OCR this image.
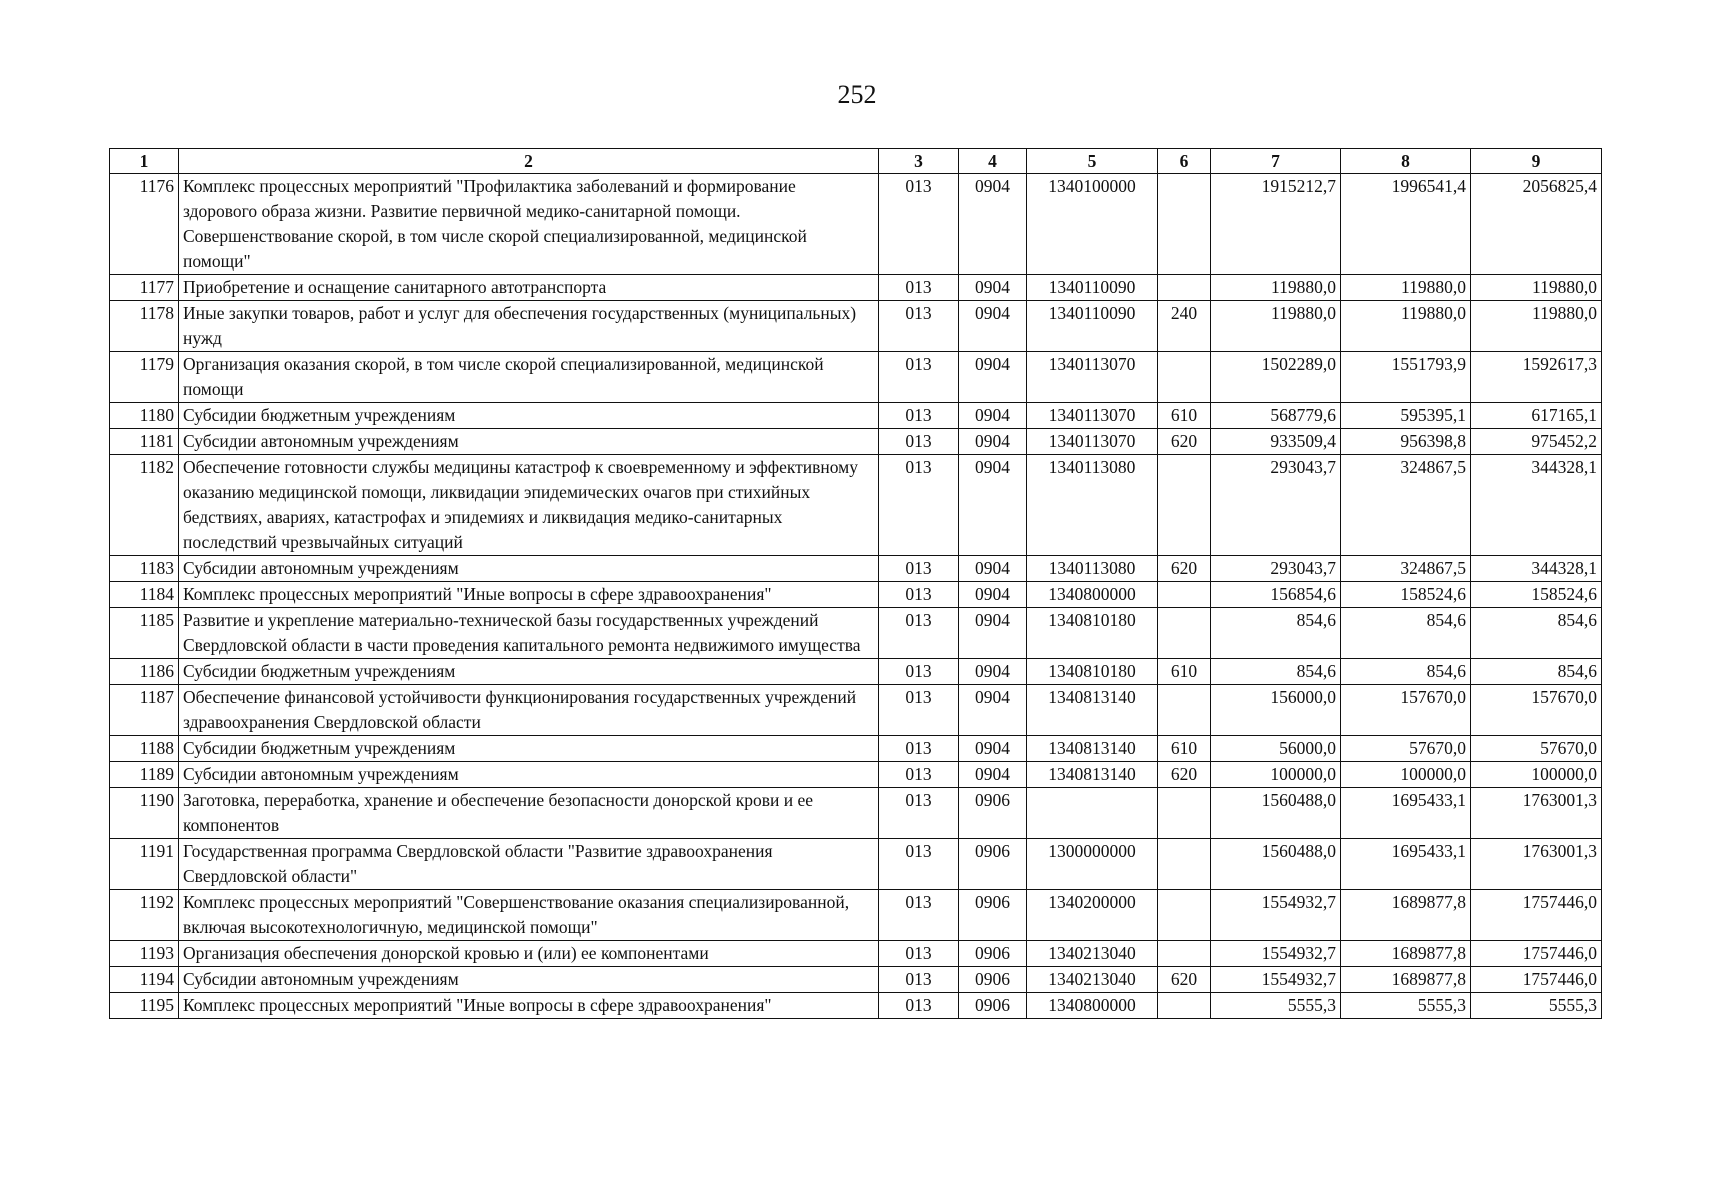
252
1	2	3	4	5	6	7	8	9
1176	Комплекс процессных мероприятий "Профилактика заболеваний и формирование здорового образа жизни. Развитие первичной медико-санитарной помощи. Совершенствование скорой, в том числе скорой специализированной, медицинской помощи"	013	0904	1340100000		1915212,7	1996541,4	2056825,4
1177	Приобретение и оснащение санитарного автотранспорта	013	0904	1340110090		119880,0	119880,0	119880,0
1178	Иные закупки товаров, работ и услуг для обеспечения государственных (муниципальных) нужд	013	0904	1340110090	240	119880,0	119880,0	119880,0
1179	Организация оказания скорой, в том числе скорой специализированной, медицинской помощи	013	0904	1340113070		1502289,0	1551793,9	1592617,3
1180	Субсидии бюджетным учреждениям	013	0904	1340113070	610	568779,6	595395,1	617165,1
1181	Субсидии автономным учреждениям	013	0904	1340113070	620	933509,4	956398,8	975452,2
1182	Обеспечение готовности службы медицины катастроф к своевременному и эффективному оказанию медицинской помощи, ликвидации эпидемических очагов при стихийных бедствиях, авариях, катастрофах и эпидемиях и ликвидация медико-санитарных последствий чрезвычайных ситуаций	013	0904	1340113080		293043,7	324867,5	344328,1
1183	Субсидии автономным учреждениям	013	0904	1340113080	620	293043,7	324867,5	344328,1
1184	Комплекс процессных мероприятий "Иные вопросы в сфере здравоохранения"	013	0904	1340800000		156854,6	158524,6	158524,6
1185	Развитие и укрепление материально-технической базы государственных учреждений Свердловской области в части проведения капитального ремонта недвижимого имущества	013	0904	1340810180		854,6	854,6	854,6
1186	Субсидии бюджетным учреждениям	013	0904	1340810180	610	854,6	854,6	854,6
1187	Обеспечение финансовой устойчивости функционирования государственных учреждений здравоохранения Свердловской области	013	0904	1340813140		156000,0	157670,0	157670,0
1188	Субсидии бюджетным учреждениям	013	0904	1340813140	610	56000,0	57670,0	57670,0
1189	Субсидии автономным учреждениям	013	0904	1340813140	620	100000,0	100000,0	100000,0
1190	Заготовка, переработка, хранение и обеспечение безопасности донорской крови и ее компонентов	013	0906			1560488,0	1695433,1	1763001,3
1191	Государственная программа Свердловской области "Развитие здравоохранения Свердловской области"	013	0906	1300000000		1560488,0	1695433,1	1763001,3
1192	Комплекс процессных мероприятий "Совершенствование оказания специализированной, включая высокотехнологичную, медицинской помощи"	013	0906	1340200000		1554932,7	1689877,8	1757446,0
1193	Организация обеспечения донорской кровью и (или) ее компонентами	013	0906	1340213040		1554932,7	1689877,8	1757446,0
1194	Субсидии автономным учреждениям	013	0906	1340213040	620	1554932,7	1689877,8	1757446,0
1195	Комплекс процессных мероприятий "Иные вопросы в сфере здравоохранения"	013	0906	1340800000		5555,3	5555,3	5555,3
